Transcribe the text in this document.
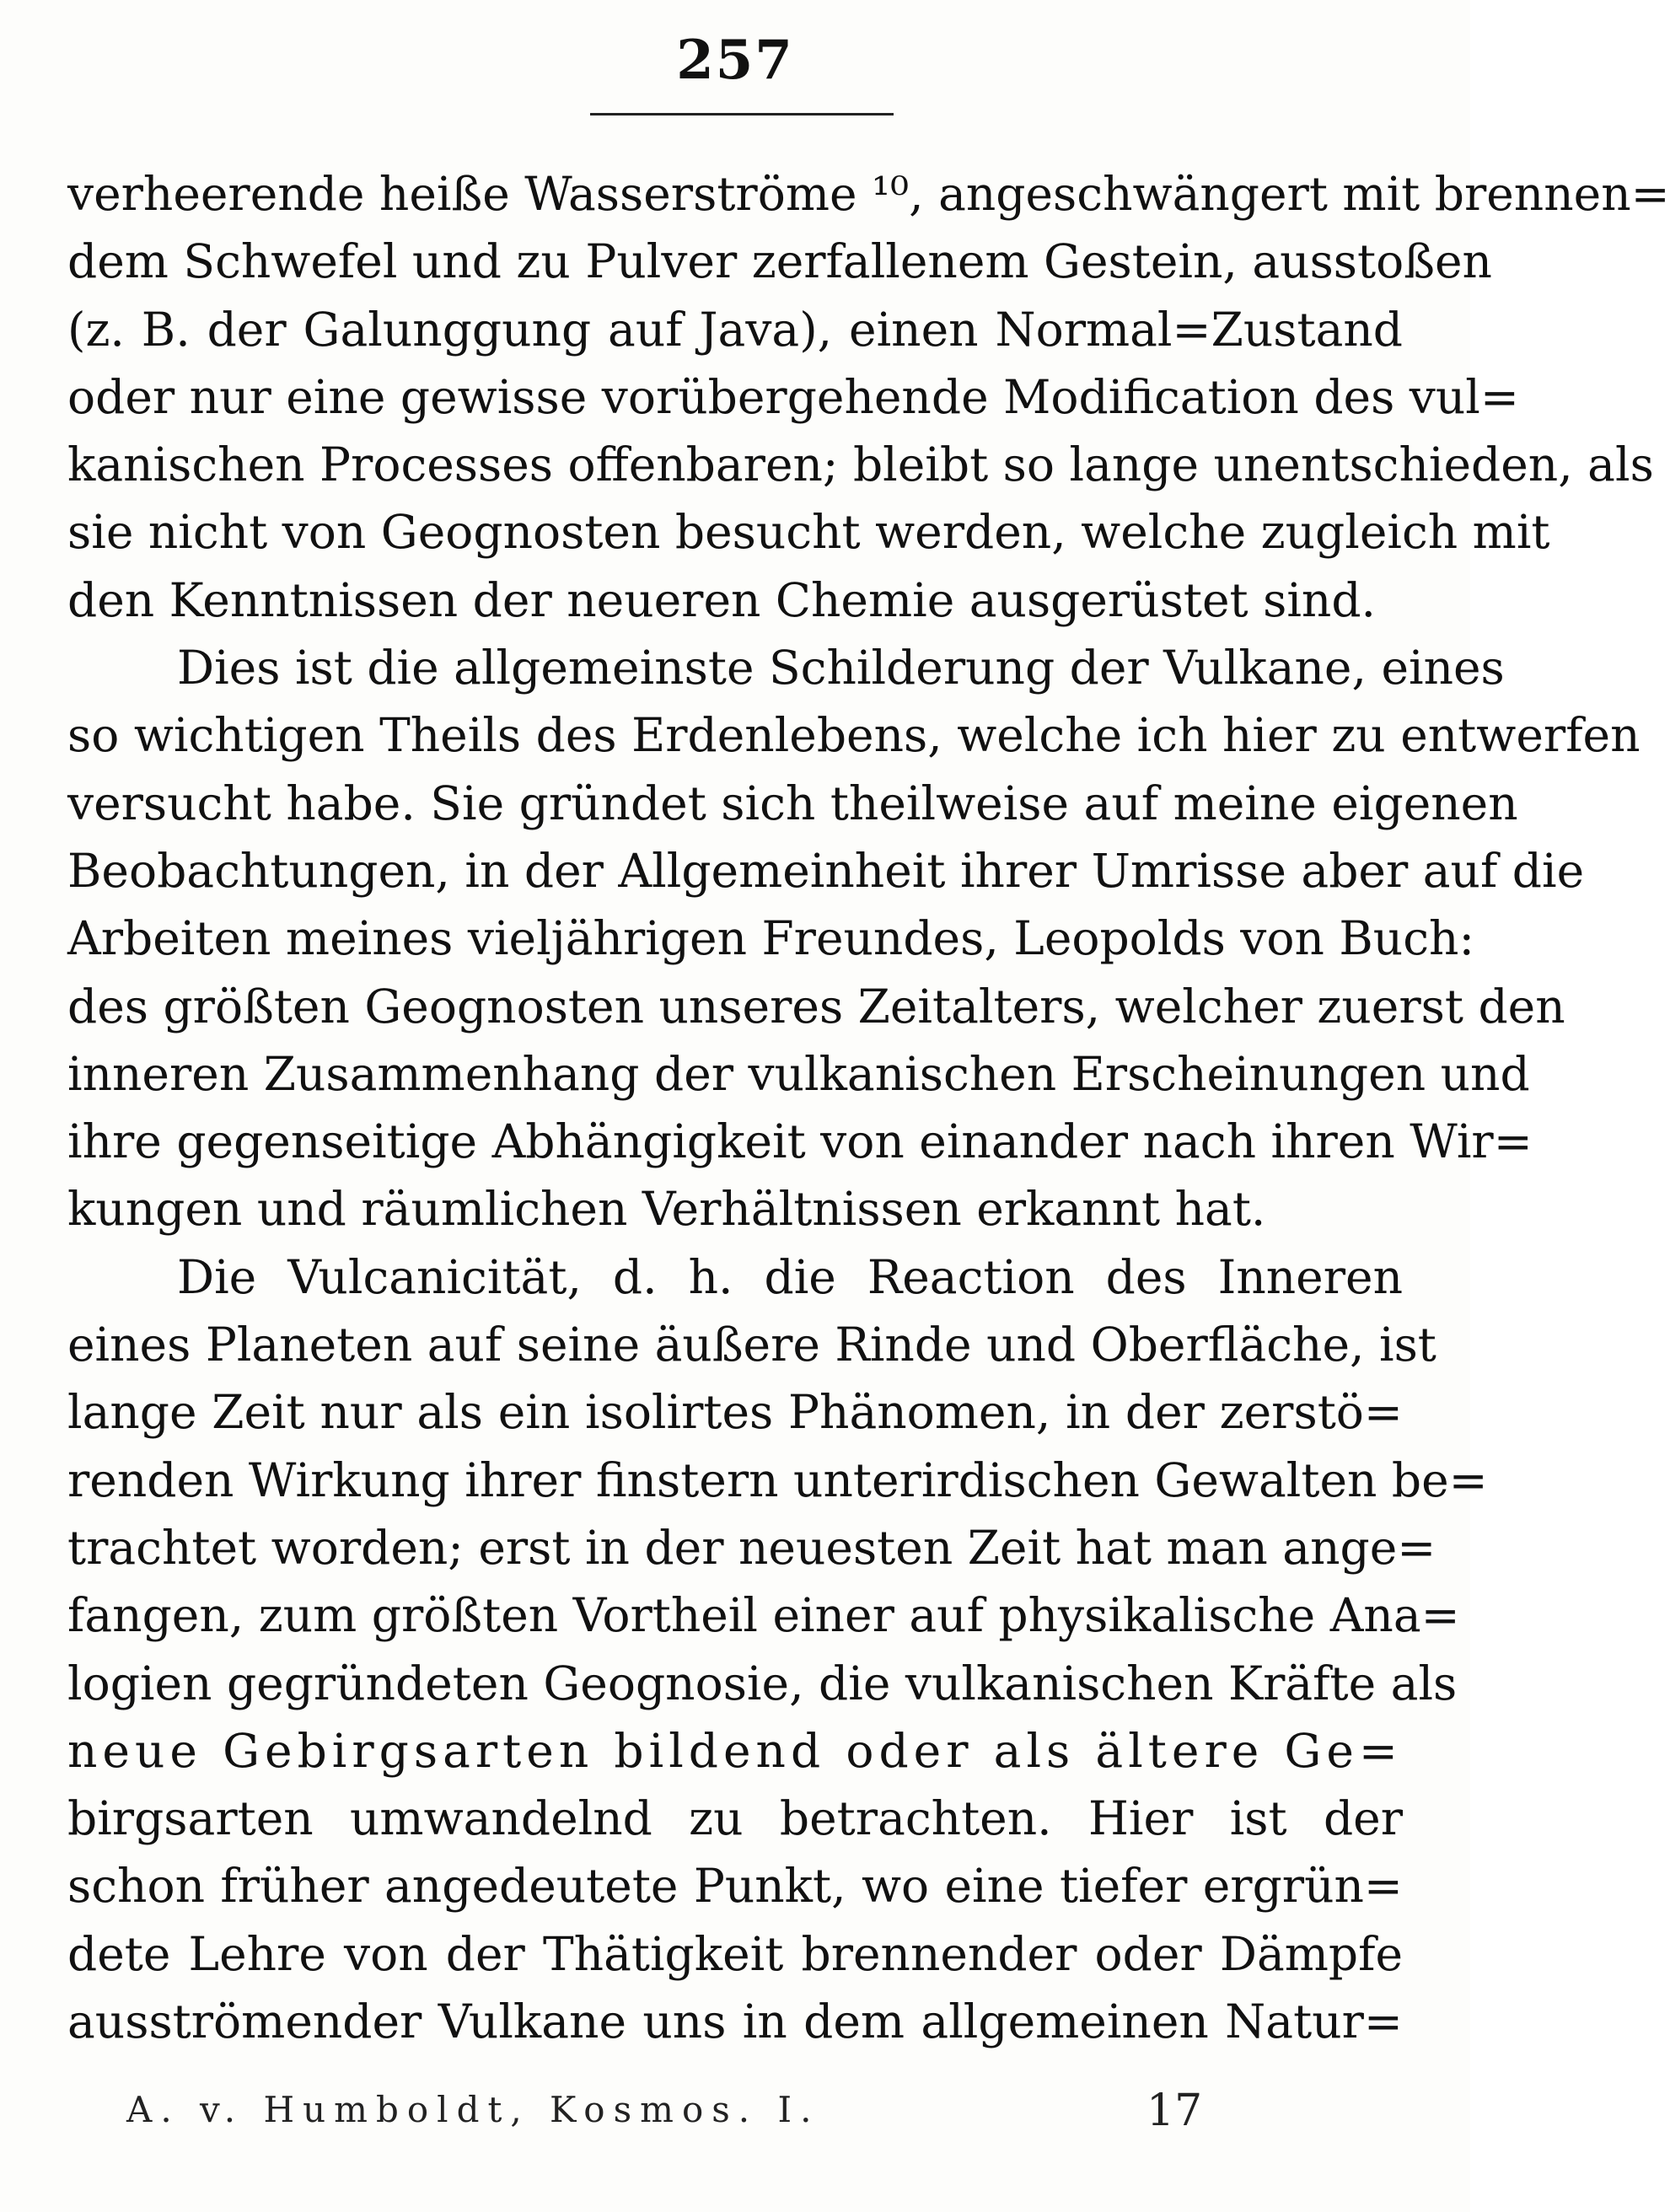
257
verheerende heiße Wasserströme ¹⁰, angeschwängert mit brennen=
dem Schwefel und zu Pulver zerfallenem Gestein, ausstoßen
(z. B. der Galunggung auf Java), einen Normal=Zustand
oder nur eine gewisse vorübergehende Modification des vul=
kanischen Processes offenbaren; bleibt so lange unentschieden, als
sie nicht von Geognosten besucht werden, welche zugleich mit
den Kenntnissen der neueren Chemie ausgerüstet sind.
Dies ist die allgemeinste Schilderung der Vulkane, eines
so wichtigen Theils des Erdenlebens, welche ich hier zu entwerfen
versucht habe. Sie gründet sich theilweise auf meine eigenen
Beobachtungen, in der Allgemeinheit ihrer Umrisse aber auf die
Arbeiten meines vieljährigen Freundes, Leopolds von Buch:
des größten Geognosten unseres Zeitalters, welcher zuerst den
inneren Zusammenhang der vulkanischen Erscheinungen und
ihre gegenseitige Abhängigkeit von einander nach ihren Wir=
kungen und räumlichen Verhältnissen erkannt hat.
Die Vulcanicität, d. h. die Reaction des Inneren
eines Planeten auf seine äußere Rinde und Oberfläche, ist
lange Zeit nur als ein isolirtes Phänomen, in der zerstö=
renden Wirkung ihrer finstern unterirdischen Gewalten be=
trachtet worden; erst in der neuesten Zeit hat man ange=
fangen, zum größten Vortheil einer auf physikalische Ana=
logien gegründeten Geognosie, die vulkanischen Kräfte als
neue Gebirgsarten bildend oder als ältere Ge=
birgsarten umwandelnd zu betrachten. Hier ist der
schon früher angedeutete Punkt, wo eine tiefer ergrün=
dete Lehre von der Thätigkeit brennender oder Dämpfe
ausströmender Vulkane uns in dem allgemeinen Natur=
A. v. Humboldt, Kosmos. I.	17
